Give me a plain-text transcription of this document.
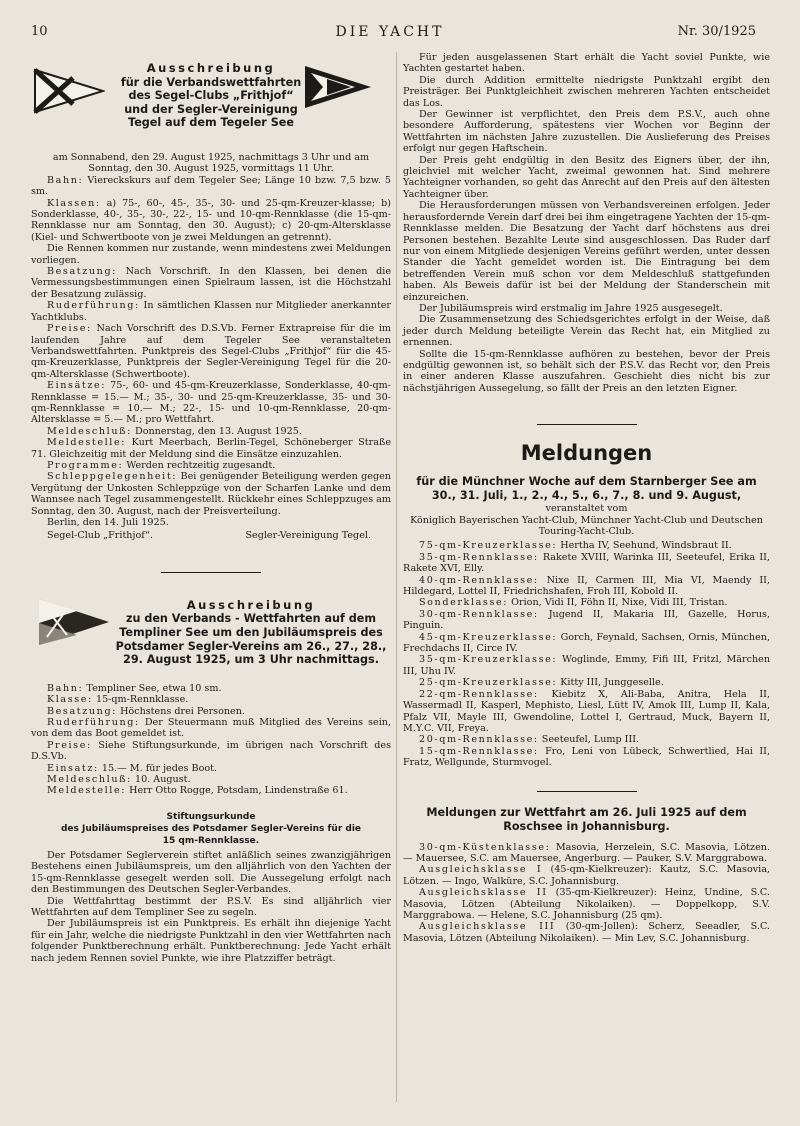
10	DIE YACHT	Nr. 30/1925
Ausschreibung
für die Verbandswettfahrten
des Segel-Clubs „Frithjof“
und der Segler-Vereinigung
Tegel auf dem Tegeler See

am Sonnabend, den 29. August 1925, nachmittags 3 Uhr und am Sonntag, den 30. August 1925, vormittags 11 Uhr.

Bahn: Viereckskurs auf dem Tegeler See; Länge 10 bzw. 7,5 bzw. 5 sm.

Klassen: a) 75-, 60-, 45-, 35-, 30- und 25-qm-Kreuzer-klasse; b) Sonderklasse, 40-, 35-, 30-, 22-, 15- und 10-qm-Rennklasse (die 15-qm-Rennklasse nur am Sonntag, den 30. August); c) 20-qm-Altersklasse (Kiel- und Schwertboote von je zwei Meldungen an getrennt).

Die Rennen kommen nur zustande, wenn mindestens zwei Meldungen vorliegen.

Besatzung: Nach Vorschrift. In den Klassen, bei denen die Vermessungsbestimmungen einen Spielraum lassen, ist die Höchstzahl der Besatzung zulässig.

Ruderführung: In sämtlichen Klassen nur Mitglieder anerkannter Yachtklubs.

Preise: Nach Vorschrift des D.S.Vb. Ferner Extrapreise für die im laufenden Jahre auf dem Tegeler See veranstalteten Verbandswettfahrten. Punktpreis des Segel-Clubs „Frithjof“ für die 45-qm-Kreuzerklasse, Punktpreis der Segler-Vereinigung Tegel für die 20-qm-Altersklasse (Schwertboote).

Einsätze: 75-, 60- und 45-qm-Kreuzerklasse, Sonderklasse, 40-qm-Rennklasse = 15.— M.; 35-, 30- und 25-qm-Kreuzerklasse, 35- und 30-qm-Rennklasse = 10.— M.; 22-, 15- und 10-qm-Rennklasse, 20-qm-Altersklasse = 5.— M.; pro Wettfahrt.

Meldeschluß: Donnerstag, den 13. August 1925.

Meldestelle: Kurt Meerbach, Berlin-Tegel, Schöneberger Straße 71. Gleichzeitig mit der Meldung sind die Einsätze einzuzahlen.

Programme: Werden rechtzeitig zugesandt.

Schleppgelegenheit: Bei genügender Beteiligung werden gegen Vergütung der Unkosten Schleppzüge von der Scharfen Lanke und dem Wannsee nach Tegel zusammengestellt. Rückkehr eines Schleppzuges am Sonntag, den 30. August, nach der Preisverteilung.

Berlin, den 14. Juli 1925.

Segel-Club „Frithjof“.	Segler-Vereinigung Tegel.
Ausschreibung
zu den Verbands - Wettfahrten auf dem
Templiner See um den Jubiläumspreis des
Potsdamer Segler-Vereins am 26., 27., 28.,
29. August 1925, um 3 Uhr nachmittags.

Bahn: Templiner See, etwa 10 sm.

Klasse: 15-qm-Rennklasse.

Besatzung: Höchstens drei Personen.

Ruderführung: Der Steuermann muß Mitglied des Vereins sein, von dem das Boot gemeldet ist.

Preise: Siehe Stiftungsurkunde, im übrigen nach Vorschrift des D.S.Vb.

Einsatz: 15.— M. für jedes Boot.

Meldeschluß: 10. August.

Meldestelle: Herr Otto Rogge, Potsdam, Lindenstraße 61.

Stiftungsurkunde
des Jubiläumspreises des Potsdamer Segler-Vereins für die
15 qm-Rennklasse.

Der Potsdamer Seglerverein stiftet anläßlich seines zwanzigjährigen Bestehens einen Jubiläumspreis, um den alljährlich von den Yachten der 15-qm-Rennklasse gesegelt werden soll. Die Aussegelung erfolgt nach den Bestimmungen des Deutschen Segler-Verbandes.

Die Wettfahrttag bestimmt der P.S.V. Es sind alljährlich vier Wettfahrten auf dem Templiner See zu segeln.

Der Jubiläumspreis ist ein Punktpreis. Es erhält ihn diejenige Yacht für ein Jahr, welche die niedrigste Punktzahl in den vier Wettfahrten nach folgender Punktberechnung erhält. Punktberechnung: Jede Yacht erhält nach jedem Rennen soviel Punkte, wie ihre Platzziffer beträgt.

Für jeden ausgelassenen Start erhält die Yacht soviel Punkte, wie Yachten gestartet haben.

Die durch Addition ermittelte niedrigste Punktzahl ergibt den Preisträger. Bei Punktgleichheit zwischen mehreren Yachten entscheidet das Los.

Der Gewinner ist verpflichtet, den Preis dem P.S.V., auch ohne besondere Aufforderung, spätestens vier Wochen vor Beginn der Wettfahrten im nächsten Jahre zuzustellen. Die Auslieferung des Preises erfolgt nur gegen Haftschein.

Der Preis geht endgültig in den Besitz des Eigners über, der ihn, gleichviel mit welcher Yacht, zweimal gewonnen hat. Sind mehrere Yachteigner vorhanden, so geht das Anrecht auf den Preis auf den ältesten Yachteigner über.

Die Herausforderungen müssen von Verbandsvereinen erfolgen. Jeder herausfordernde Verein darf drei bei ihm eingetragene Yachten der 15-qm-Rennklasse melden. Die Besatzung der Yacht darf höchstens aus drei Personen bestehen. Bezahlte Leute sind ausgeschlossen. Das Ruder darf nur von einem Mitgliede desjenigen Vereins geführt werden, unter dessen Stander die Yacht gemeldet worden ist. Die Eintragung bei dem betreffenden Verein muß schon vor dem Meldeschluß stattgefunden haben. Als Beweis dafür ist bei der Meldung der Standerschein mit einzureichen.

Der Jubiläumspreis wird erstmalig im Jahre 1925 ausgesegelt.

Die Zusammensetzung des Schiedsgerichtes erfolgt in der Weise, daß jeder durch Meldung beteiligte Verein das Recht hat, ein Mitglied zu ernennen.

Sollte die 15-qm-Rennklasse aufhören zu bestehen, bevor der Preis endgültig gewonnen ist, so behält sich der P.S.V. das Recht vor, den Preis in einer anderen Klasse auszufahren. Geschieht dies nicht bis zur nächstjährigen Aussegelung, so fällt der Preis an den letzten Eigner.

Meldungen
für die Münchner Woche auf dem Starnberger See am
30., 31. Juli, 1., 2., 4., 5., 6., 7., 8. und 9. August,

veranstaltet vom

Königlich Bayerischen Yacht-Club, Münchner Yacht-Club und Deutschen Touring-Yacht-Club.

75-qm-Kreuzerklasse: Hertha IV, Seehund, Windsbraut II.

35-qm-Rennklasse: Rakete XVIII, Warinka III, Seeteufel, Erika II, Rakete XVI, Elly.

40-qm-Rennklasse: Nixe II, Carmen III, Mia VI, Maendy II, Hildegard, Lottel II, Friedrichshafen, Froh III, Kobold II.

Sonderklasse: Orion, Vidi II, Föhn II, Nixe, Vidi III, Tristan.

30-qm-Rennklasse: Jugend II, Makaria III, Gazelle, Horus, Pinguin.

45-qm-Kreuzerklasse: Gorch, Feynald, Sachsen, Ornis, München, Frechdachs II, Circe IV.

35-qm-Kreuzerklasse: Woglinde, Emmy, Fifi III, Fritzl, Märchen III, Uhu IV.

25-qm-Kreuzerklasse: Kitty III, Junggeselle.

22-qm-Rennklasse: Kiebitz X, Ali-Baba, Anitra, Hela II, Wassermadl II, Kasperl, Mephisto, Liesl, Lütt IV, Amok III, Lump II, Kala, Pfalz VII, Mayle III, Gwendoline, Lottel I, Gertraud, Muck, Bayern II, M.Y.C. VII, Freya.

20-qm-Rennklasse: Seeteufel, Lump III.

15-qm-Rennklasse: Fro, Leni von Lübeck, Schwertlied, Hai II, Fratz, Wellgunde, Sturmvogel.

Meldungen zur Wettfahrt am 26. Juli 1925 auf dem
Roschsee in Johannisburg.

30-qm-Küstenklasse: Masovia, Herzelein, S.C. Masovia, Lötzen. — Mauersee, S.C. am Mauersee, Angerburg. — Pauker, S.V. Marggrabowa.

Ausgleichsklasse I (45-qm-Kielkreuzer): Kautz, S.C. Masovia, Lötzen. — Ingo, Walküre, S.C. Johannisburg.

Ausgleichsklasse II (35-qm-Kielkreuzer): Heinz, Undine, S.C. Masovia, Lötzen (Abteilung Nikolaiken). — Doppelkopp, S.V. Marggrabowa. — Helene, S.C. Johannisburg (25 qm).

Ausgleichsklasse III (30-qm-Jollen): Scherz, Seeadler, S.C. Masovia, Lötzen (Abteilung Nikolaiken). — Min Lev, S.C. Johannisburg.
